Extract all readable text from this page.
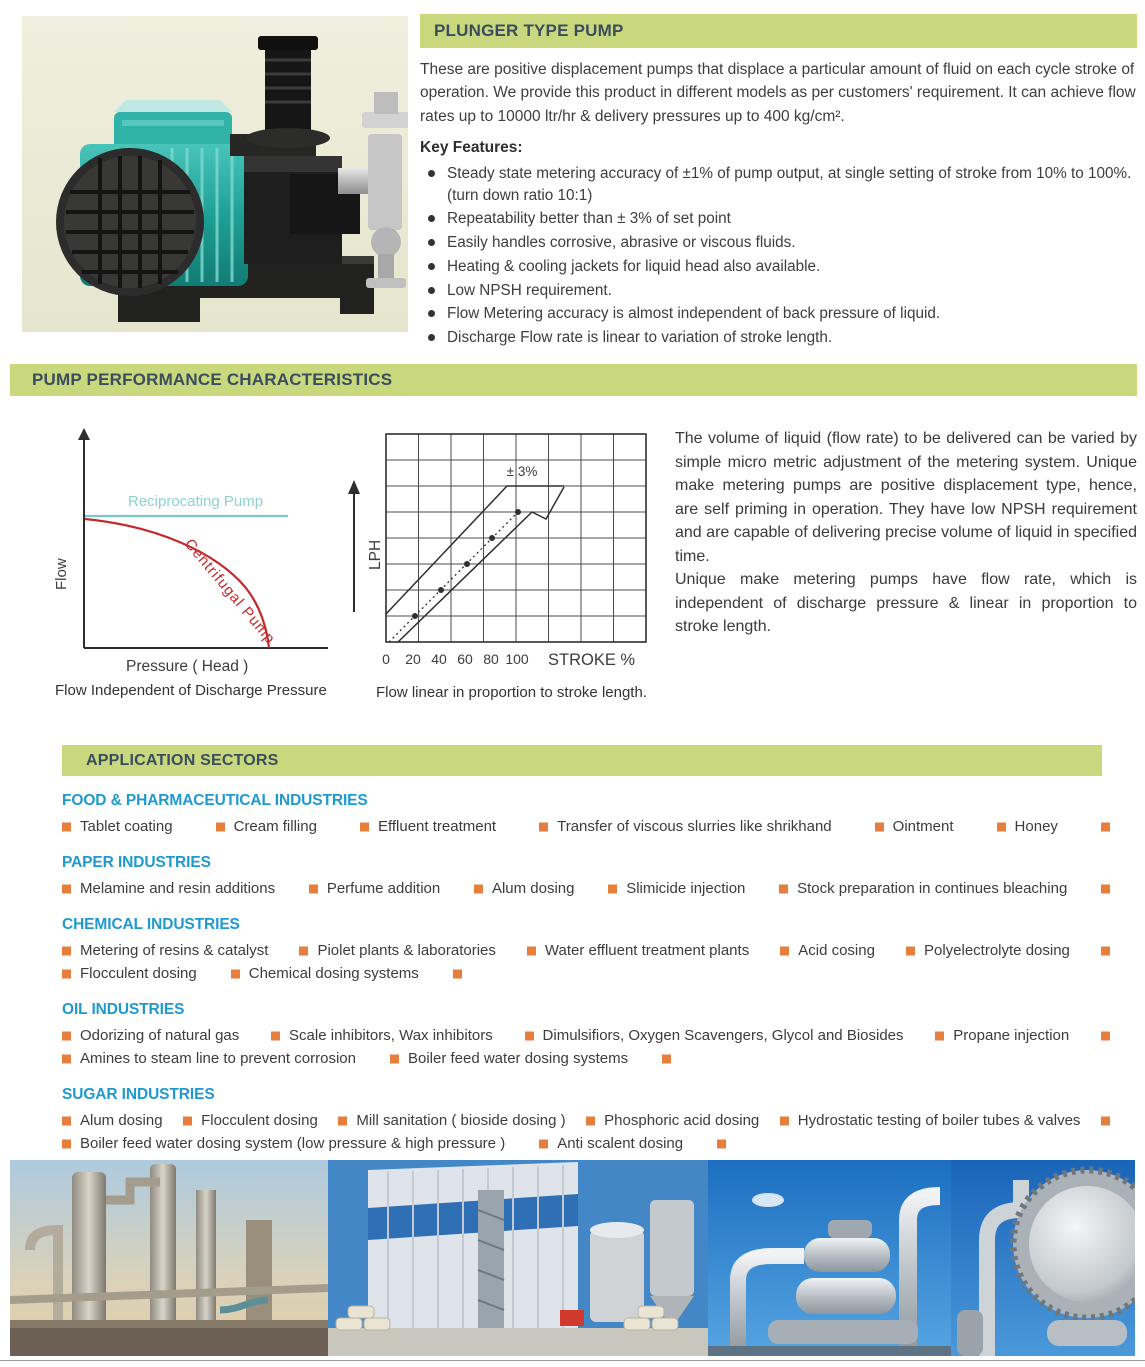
PLUNGER TYPE PUMP

These are positive displacement pumps that displace a particular amount of fluid on each cycle stroke of operation. We provide this product in different models as per customers' requirement. It can achieve flow rates up to 10000 ltr/hr & delivery pressures up to 400 kg/cm².

Key Features:
Steady state metering accuracy of ±1% of pump output, at single setting of stroke from 10% to 100%. (turn down ratio 10:1)
Repeatability better than ± 3% of set point
Easily handles corrosive, abrasive or viscous fluids.
Heating & cooling jackets for liquid head also available.
Low NPSH requirement.
Flow Metering accuracy is almost independent of back pressure of liquid.
Discharge Flow rate is linear to variation of stroke length.
PUMP PERFORMANCE CHARACTERISTICS
Reciprocating Pump
Centrifugal Pump
Flow
Pressure ( Head )
Flow Independent of Discharge Pressure
LPH
± 3%
0 20 40 60 80 100 STROKE %
Flow linear in proportion to stroke length.

The volume of liquid (flow rate) to be delivered can be varied by simple micro metric adjustment of the metering system. Unique make metering pumps are positive displacement type, hence, are self priming in operation. They have low NPSH requirement and are capable of delivering precise volume of liquid in specified time.

Unique make metering pumps have flow rate, which is independent of discharge pressure & linear in proportion to stroke length.

APPLICATION SECTORS
FOOD & PHARMACEUTICAL INDUSTRIES
Tablet coating	Cream filling	Effluent treatment	Transfer of viscous slurries like shrikhand	Ointment	Honey
PAPER INDUSTRIES
Melamine and resin additions	Perfume addition	Alum dosing	Slimicide injection	Stock preparation in continues bleaching
CHEMICAL INDUSTRIES
Metering of resins & catalyst	Piolet plants & laboratories	Water effluent treatment plants	Acid cosing	Polyelectrolyte dosing
Flocculent dosing	Chemical dosing systems
OIL INDUSTRIES
Odorizing of natural gas	Scale inhibitors, Wax inhibitors	Dimulsifiors, Oxygen Scavengers, Glycol and Biosides	Propane injection
Amines to steam line to prevent corrosion	Boiler feed water dosing systems
SUGAR INDUSTRIES
Alum dosing	Flocculent dosing	Mill sanitation ( bioside dosing )	Phosphoric acid dosing	Hydrostatic testing of boiler tubes & valves
Boiler feed water dosing system (low pressure & high pressure )	Anti scalent dosing
